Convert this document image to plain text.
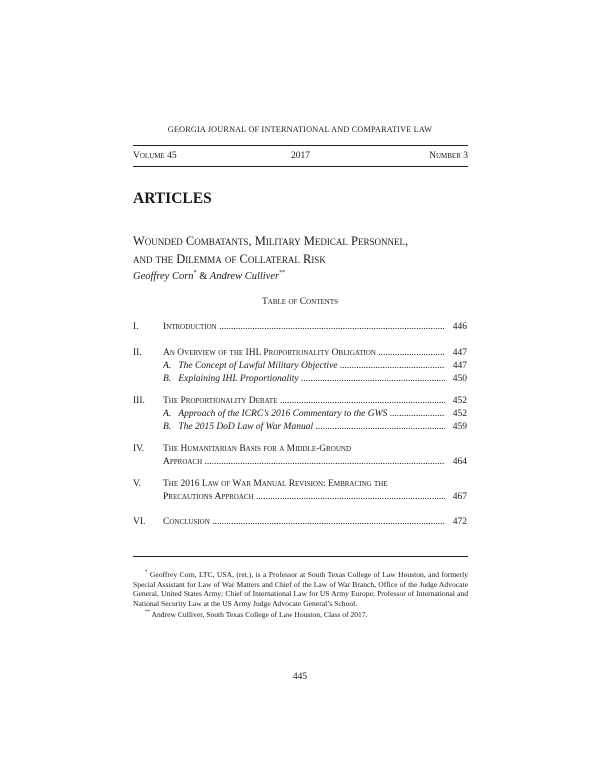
GEORGIA JOURNAL OF INTERNATIONAL AND COMPARATIVE LAW
Volume 45	2017	Number 3
ARTICLES
Wounded Combatants, Military Medical Personnel,
and the Dilemma of Collateral Risk
Geoffrey Corn* & Andrew Culliver**
Table of Contents
I.	Introduction .....	446
II. An Overview of the IHL Proportionality Obligation .....	447
A. The Concept of Lawful Military Objective .....	447
B. Explaining IHL Proportionality .....	450
III. The Proportionality Debate .....	452
A. Approach of the ICRC’s 2016 Commentary to the GWS .....	452
B. The 2015 DoD Law of War Manual .....	459
IV. The Humanitarian Basis for a Middle-Ground
Approach .....	464
V. The 2016 Law of War Manual Revision: Embracing the
Precautions Approach .....	467
VI. Conclusion .....	472

* Geoffrey Corn, LTC, USA, (ret.), is a Professor at South Texas College of Law Houston, and formerly Special Assistant for Law of War Matters and Chief of the Law of War Branch, Office of the Judge Advocate General, United States Army; Chief of International Law for US Army Europe; Professor of International and National Security Law at the US Army Judge Advocate General’s School.

** Andrew Culliver, South Texas College of Law Houston, Class of 2017.

445
